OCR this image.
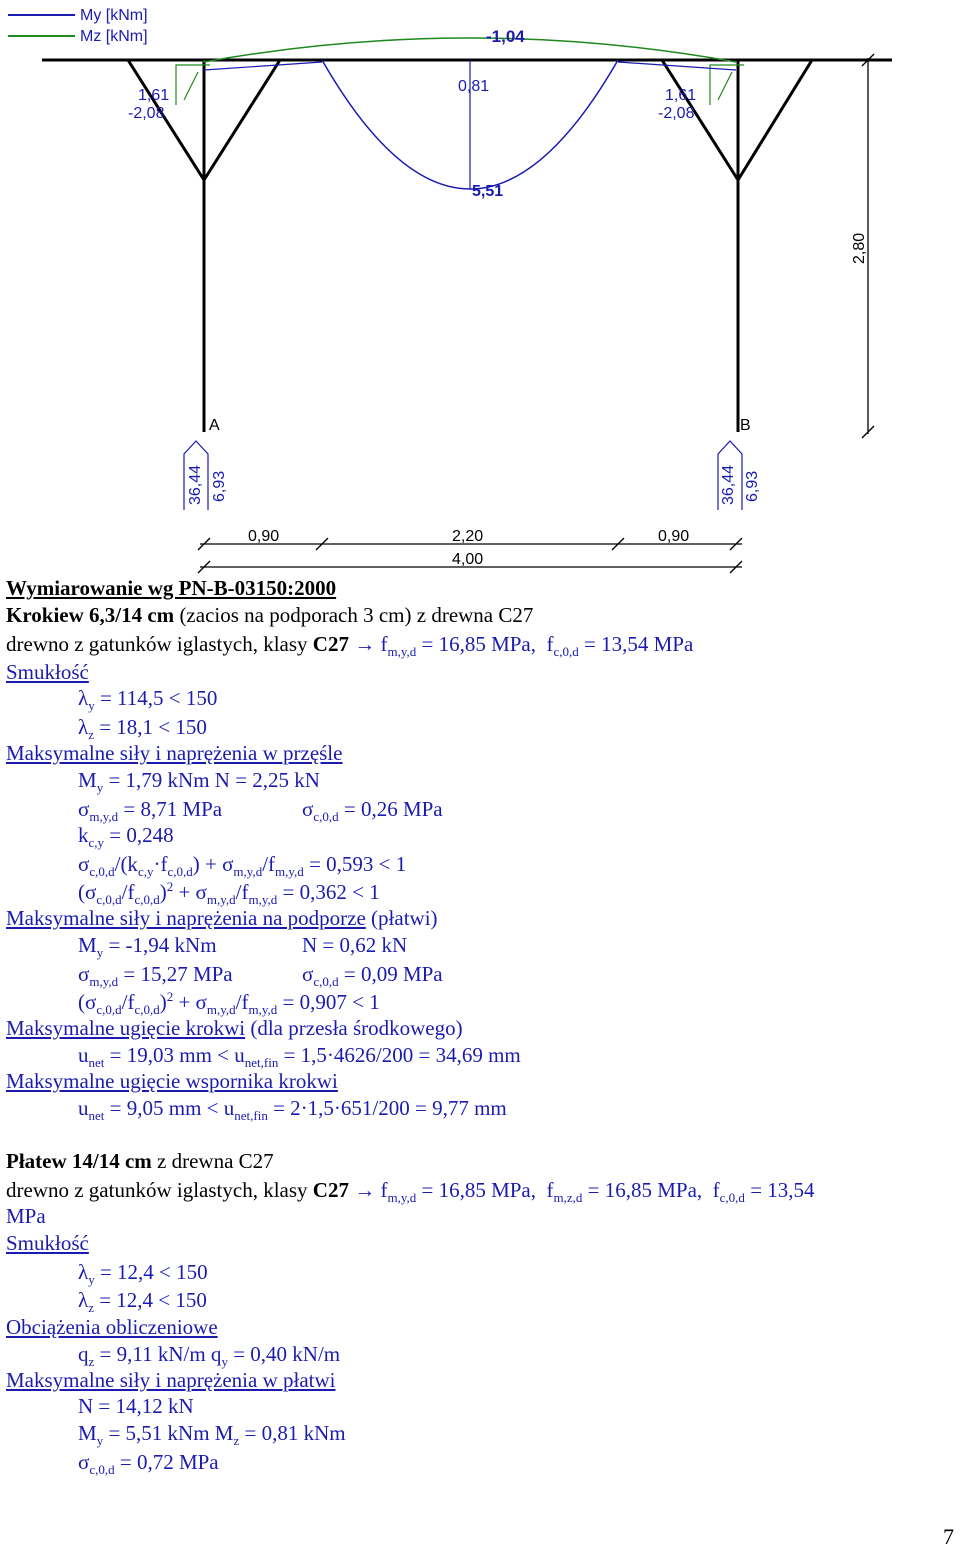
My [kNm]
Mz [kNm]	-1,04
1,61
-2,08
0,81
1,61
-2,08
5,51
2,80
A	B
36,44 6,93	36,44 6,93
0,90	2,20	0,90
4,00
Wymiarowanie wg PN-B-03150:2000
Krokiew 6,3/14 cm (zacios na podporach 3 cm) z drewna C27
drewno z gatunków iglastych, klasy $C27 \to f_{m,y,d} = 16,85$ MPa,  $f_{c,0,d} = 13,54$ MPa
Smukłość
$\lambda_y = 114,5 < 150$
$\lambda_z = 18,1 < 150$
Maksymalne siły i naprężenia w przęśle
$M_y = 1,79$ kNm N = 2,25 kN
$\sigma_{m,y,d} = 8,71$ MPa	$\sigma_{c,0,d} = 0,26$ MPa
$k_{c,y} = 0,248$
$\sigma_{c,0,d}/(k_{c,y}\cdot f_{c,0,d}) + \sigma_{m,y,d}/f_{m,y,d} = 0,593 < 1$
$(\sigma_{c,0,d}/f_{c,0,d})^2 + \sigma_{m,y,d}/f_{m,y,d} = 0,362 < 1$
Maksymalne siły i naprężenia na podporze (płatwi)
$M_y = -1,94$ kNm	N = 0,62 kN
$\sigma_{m,y,d} = 15,27$ MPa	$\sigma_{c,0,d} = 0,09$ MPa
$(\sigma_{c,0,d}/f_{c,0,d})^2 + \sigma_{m,y,d}/f_{m,y,d} = 0,907 < 1$
Maksymalne ugięcie krokwi (dla przesła środkowego)
$u_{net} = 19,03$ mm < $u_{net,fin} = 1,5\cdot 4626/200 = 34,69$ mm
Maksymalne ugięcie wspornika krokwi
$u_{net} = 9,05$ mm < $u_{net,fin} = 2\cdot 1,5\cdot 651/200 = 9,77$ mm
Płatew 14/14 cm z drewna C27
drewno z gatunków iglastych, klasy $C27 \to f_{m,y,d} = 16,85$ MPa,  $f_{m,z,d} = 16,85$ MPa,  $f_{c,0,d} = 13,54$
MPa
Smukłość
$\lambda_y = 12,4 < 150$
$\lambda_z = 12,4 < 150$
Obciążenia obliczeniowe
$q_z = 9,11$ kN/m $q_y = 0,40$ kN/m
Maksymalne siły i naprężenia w płatwi
N = 14,12 kN
$M_y = 5,51$ kNm $M_z = 0,81$ kNm
$\sigma_{c,0,d} = 0,72$ MPa
7
